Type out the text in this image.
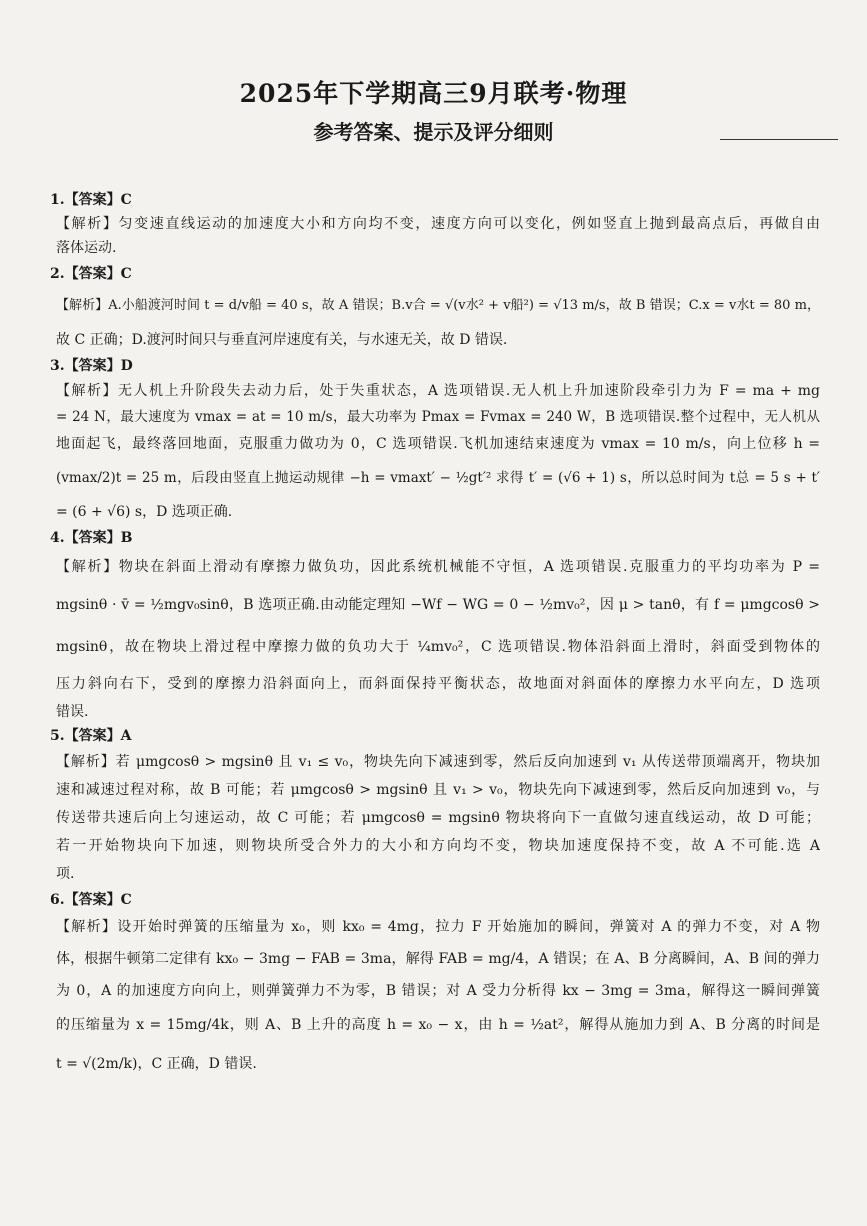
2025年下学期高三9月联考·物理
参考答案、提示及评分细则
1.【答案】C
【解析】匀变速直线运动的加速度大小和方向均不变，速度方向可以变化，例如竖直上抛到最高点后，再做自由
落体运动.
2.【答案】C
【解析】A.小船渡河时间 t = d/v船 = 40 s，故 A 错误；B.v合 = √(v水² + v船²) = √13 m/s，故 B 错误；C.x = v水t = 80 m，
故 C 正确；D.渡河时间只与垂直河岸速度有关，与水速无关，故 D 错误.
3.【答案】D
【解析】无人机上升阶段失去动力后，处于失重状态，A 选项错误.无人机上升加速阶段牵引力为 F = ma + mg
= 24 N，最大速度为 vmax = at = 10 m/s，最大功率为 Pmax = Fvmax = 240 W，B 选项错误.整个过程中，无人机从
地面起飞，最终落回地面，克服重力做功为 0，C 选项错误.飞机加速结束速度为 vmax = 10 m/s，向上位移 h =
(vmax/2)t = 25 m，后段由竖直上抛运动规律 −h = vmaxt′ − ½gt′² 求得 t′ = (√6 + 1) s，所以总时间为 t总 = 5 s + t′
= (6 + √6) s，D 选项正确.
4.【答案】B
【解析】物块在斜面上滑动有摩擦力做负功，因此系统机械能不守恒，A 选项错误.克服重力的平均功率为 P =
mgsinθ · v̄ = ½mgv₀sinθ，B 选项正确.由动能定理知 −Wf − WG = 0 − ½mv₀²，因 μ > tanθ，有 f = μmgcosθ >
mgsinθ，故在物块上滑过程中摩擦力做的负功大于 ¼mv₀²，C 选项错误.物体沿斜面上滑时，斜面受到物体的
压力斜向右下，受到的摩擦力沿斜面向上，而斜面保持平衡状态，故地面对斜面体的摩擦力水平向左，D 选项
错误.
5.【答案】A
【解析】若 μmgcosθ > mgsinθ 且 v₁ ≤ v₀，物块先向下减速到零，然后反向加速到 v₁ 从传送带顶端离开，物块加
速和减速过程对称，故 B 可能；若 μmgcosθ > mgsinθ 且 v₁ > v₀，物块先向下减速到零，然后反向加速到 v₀，与
传送带共速后向上匀速运动，故 C 可能；若 μmgcosθ = mgsinθ 物块将向下一直做匀速直线运动，故 D 可能；
若一开始物块向下加速，则物块所受合外力的大小和方向均不变，物块加速度保持不变，故 A 不可能.选 A
项.
6.【答案】C
【解析】设开始时弹簧的压缩量为 x₀，则 kx₀ = 4mg，拉力 F 开始施加的瞬间，弹簧对 A 的弹力不变，对 A 物
体，根据牛顿第二定律有 kx₀ − 3mg − FAB = 3ma，解得 FAB = mg/4，A 错误；在 A、B 分离瞬间，A、B 间的弹力
为 0，A 的加速度方向向上，则弹簧弹力不为零，B 错误；对 A 受力分析得 kx − 3mg = 3ma，解得这一瞬间弹簧
的压缩量为 x = 15mg/4k，则 A、B 上升的高度 h = x₀ − x，由 h = ½at²，解得从施加力到 A、B 分离的时间是
t = √(2m/k)，C 正确，D 错误.
